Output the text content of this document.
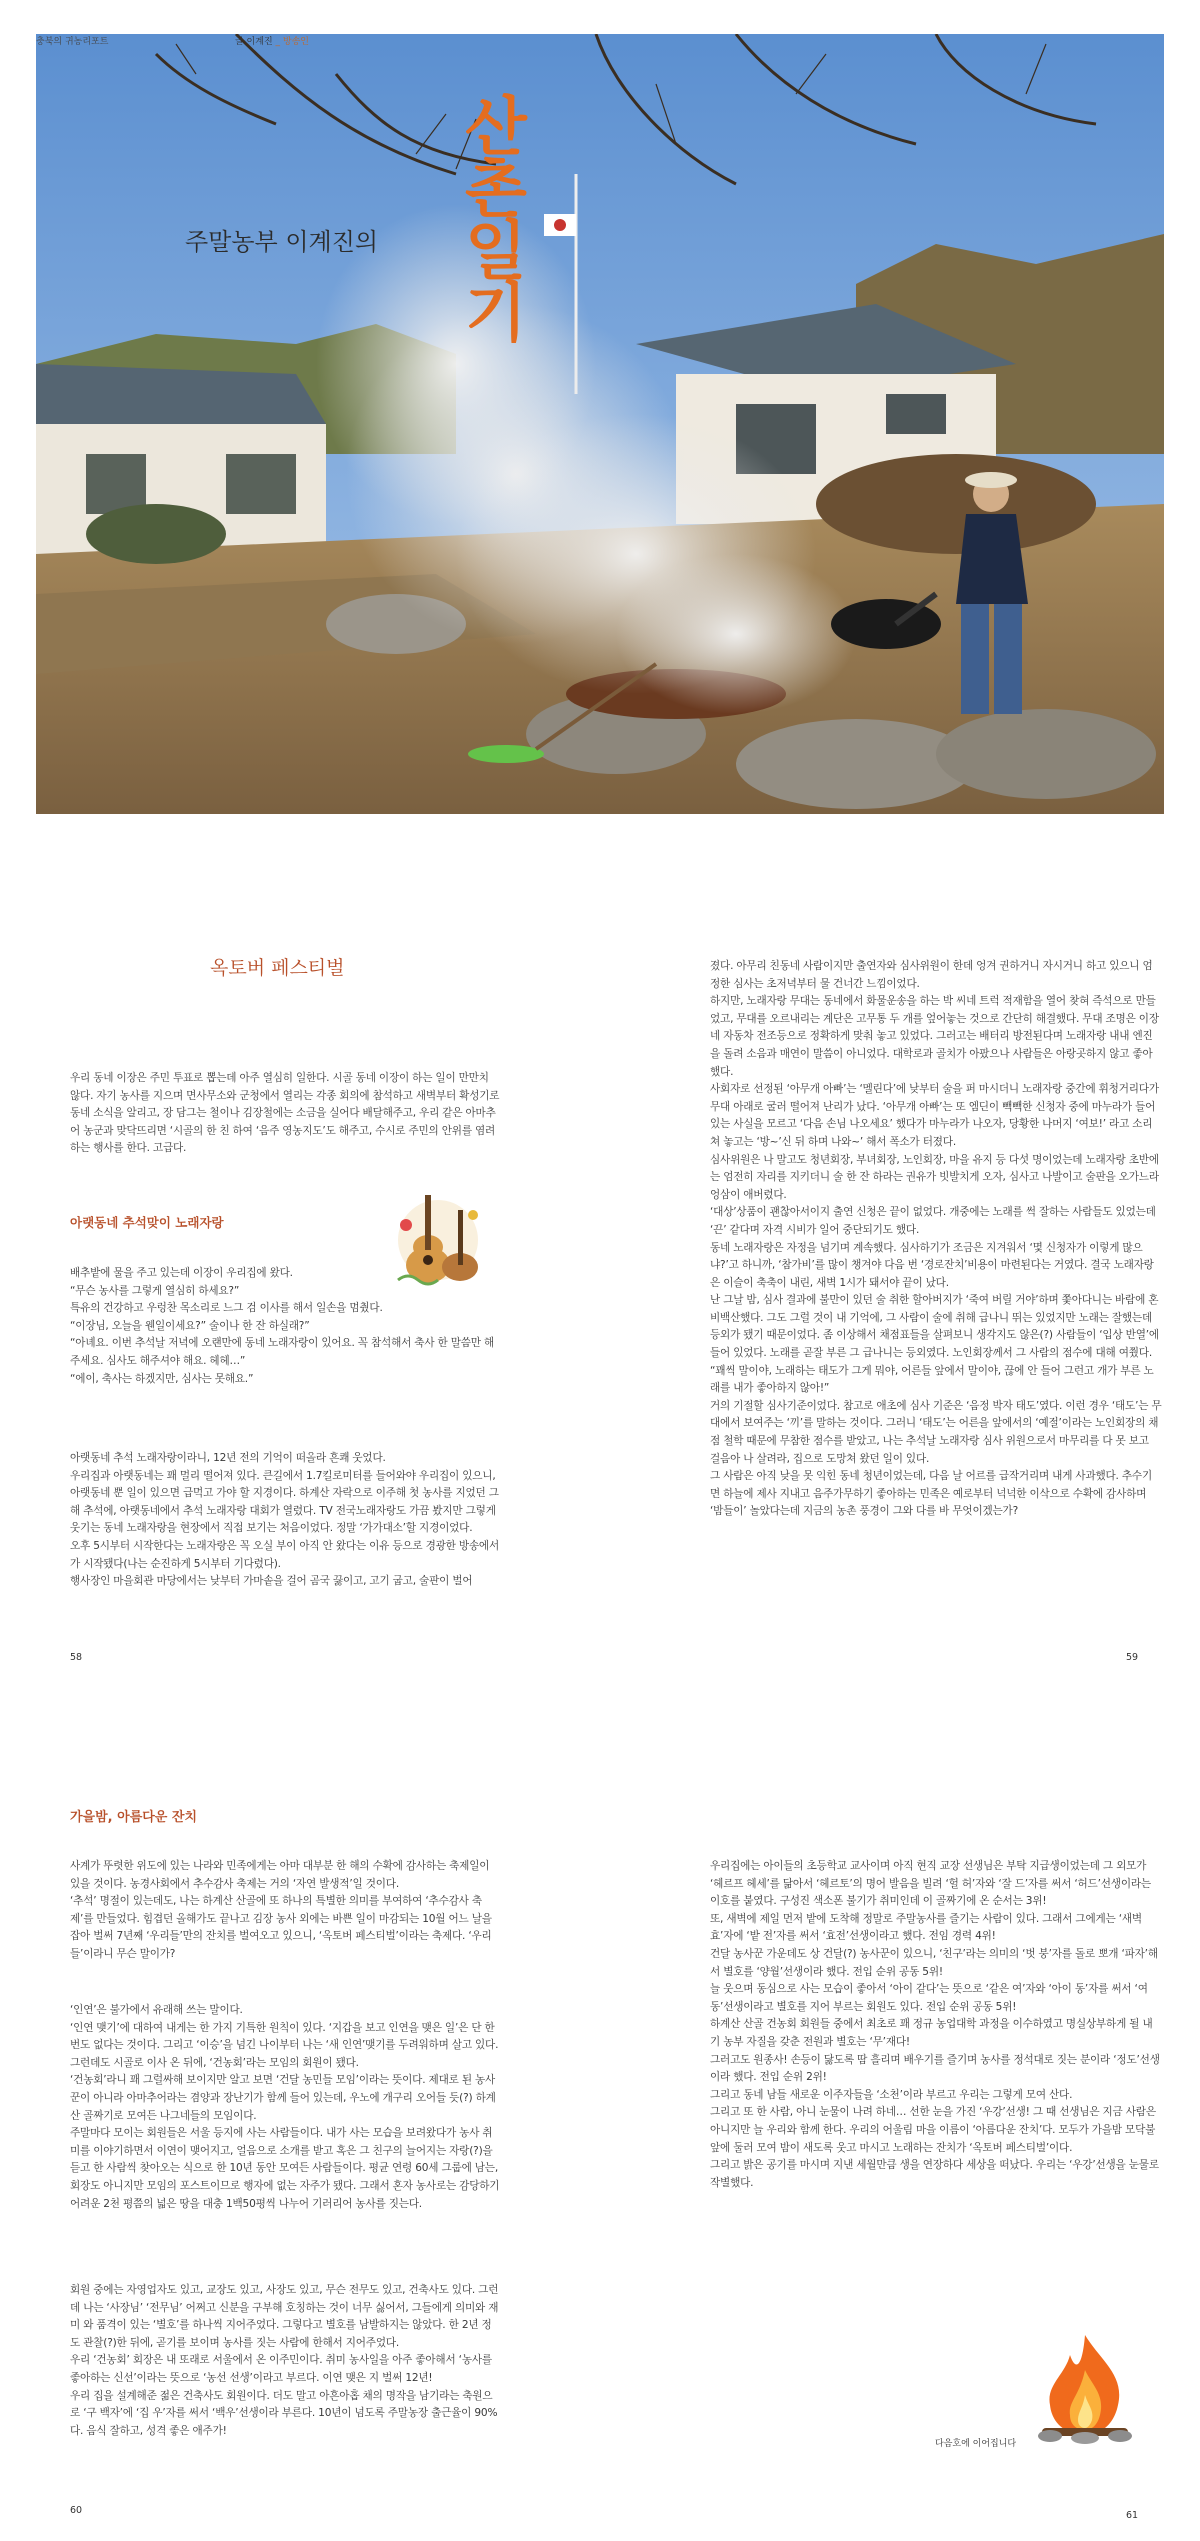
충북의 귀농리포트	글 이계진 _ 방송인
주말농부 이계진의
산촌일기
옥토버 페스티벌

우리 동네 이장은 주민 투표로 뽑는데 아주 열심히 일한다. 시골 동네 이장이 하는 일이 만만치 않다. 자기 농사를 지으며 면사무소와 군청에서 열리는 각종 회의에 참석하고 새벽부터 확성기로 동네 소식을 알리고, 장 담그는 철이나 김장철에는 소금을 실어다 배달해주고, 우리 같은 아마추어 농군과 맞닥뜨리면 ‘시골의 한 친 하여 ‘음주 영농지도’도 해주고, 수시로 주민의 안위를 염려하는 행사를 한다. 고급다.

아랫동네 추석맞이 노래자랑

배추밭에 물을 주고 있는데 이장이 우리집에 왔다.

“무슨 농사를 그렇게 열심히 하세요?”

특유의 건강하고 우렁찬 목소리로 느그 검 이사를 해서 일손을 멈췄다.

“이장님, 오늘을 웬일이세요?” 술이나 한 잔 하실래?”

“아녜요. 이번 추석날 저녁에 오랜만에 동네 노래자랑이 있어요. 꼭 참석해서 축사 한 말씀만 해주세요. 심사도 해주셔야 해요. 헤헤…”

“에이, 축사는 하겠지만, 심사는 못해요.”

아랫동네 추석 노래자랑이라니, 12년 전의 기억이 떠올라 흔쾌 웃었다.

우리집과 아랫동네는 꽤 멀리 떨어져 있다. 큰길에서 1.7킬로미터를 들어와야 우리집이 있으니, 아랫동네 뿐 일이 있으면 급먹고 가야 할 지경이다. 하계산 자락으로 이주해 첫 농사를 지었던 그해 추석에, 아랫동네에서 추석 노래자랑 대회가 열렸다. TV 전국노래자랑도 가끔 봤지만 그렇게 웃기는 동네 노래자랑을 현장에서 직접 보기는 처음이었다. 정말 ‘가가대소’할 지경이었다.

오후 5시부터 시작한다는 노래자랑은 꼭 오실 부이 아직 안 왔다는 이유 등으로 경광한 방송에서가 시작됐다(나는 순진하게 5시부터 기다렸다).

행사장인 마을회관 마당에서는 낮부터 가마솥을 걸어 곰국 끓이고, 고기 굽고, 술판이 벌어

졌다. 아무리 친동네 사람이지만 출연자와 심사위원이 한데 엉겨 권하거니 자시거니 하고 있으니 엄정한 심사는 초저녁부터 물 건너간 느낌이었다.

하지만, 노래자랑 무대는 동네에서 화물운송을 하는 박 씨네 트럭 적재함을 열어 찾혀 즉석으로 만들었고, 무대를 오르내리는 계단은 고무통 두 개를 엎어놓는 것으로 간단히 해결했다. 무대 조명은 이장네 자동차 전조등으로 정확하게 맞춰 놓고 있었다. 그러고는 배터리 방전된다며 노래자랑 내내 엔진을 돌려 소음과 매연이 말씀이 아니었다. 대학로과 골치가 아팠으나 사람들은 아랑곳하지 않고 좋아했다.

사회자로 선정된 ‘아무개 아빠’는 ‘멜린다’에 낮부터 술을 퍼 마시더니 노래자랑 중간에 휘청거리다가 무대 아래로 굴러 떨어져 난리가 났다. ‘아무개 아빠’는 또 엠딘이 빽빽한 신청자 중에 마누라가 들어 있는 사실을 모르고 ‘다음 손님 나오세요’ 했다가 마누라가 나오자, 당황한 나머지 ‘여보!’ 라고 소리쳐 놓고는 ‘방~’신 뒤 하며 나와~’ 해서 폭소가 터졌다.

심사위원은 나 말고도 청년회장, 부녀회장, 노인회장, 마을 유지 등 다섯 명이었는데 노래자랑 초반에는 엄전히 자리를 지키더니 술 한 잔 하라는 권유가 빗발치게 오자, 심사고 나발이고 술판을 오가느라 엉삼이 애버렸다.

‘대상’상품이 괜찮아서이지 출연 신청은 끝이 없었다. 개중에는 노래를 썩 잘하는 사람들도 있었는데 ‘끈’ 같다며 자격 시비가 일어 중단되기도 했다.

동네 노래자랑은 자정을 넘기며 계속했다. 심사하기가 조금은 지겨워서 ‘몇 신청자가 이렇게 많으냐?’고 하니까, ‘참가비’를 많이 챙겨야 다음 번 ‘경로잔치’비용이 마련된다는 거였다. 결국 노래자랑은 이슬이 축축이 내린, 새벽 1시가 돼서야 끝이 났다.

난 그날 밤, 심사 결과에 불만이 있던 술 취한 할아버지가 ‘죽여 버릴 거야’하며 쫓아다니는 바람에 혼비백산했다. 그도 그럴 것이 내 기억에, 그 사람이 술에 취해 급나니 뛰는 있었지만 노래는 잘했는데 등외가 됐기 때문이었다. 좀 이상해서 채점표들을 살펴보니 생각지도 않은(?) 사람들이 ‘입상 반열’에 들어 있었다. 노래를 곧잘 부른 그 급나니는 등외였다. 노인회장께서 그 사람의 점수에 대해 여쭸다.

“꽤씩 말이야, 노래하는 태도가 그게 뭐야, 어른들 앞에서 말이야, 끊에 안 들어 그런고 개가 부른 노래를 내가 좋아하지 않아!”

거의 기절할 심사기준이었다. 참고로 애초에 심사 기준은 ‘음정 박자 태도’였다. 이런 경우 ‘태도’는 무대에서 보여주는 ‘끼’를 말하는 것이다. 그러니 ‘태도’는 어른을 앞에서의 ‘예절’이라는 노인회장의 채점 철학 때문에 무참한 점수를 받았고, 나는 추석날 노래자랑 심사 위원으로서 마무리를 다 못 보고 걸음아 나 살려라, 집으로 도망쳐 왔던 일이 있다.

그 사람은 아직 낮을 못 익힌 동네 청년이었는데, 다음 날 어르를 급작거리며 내게 사과했다. 추수기면 하늘에 제사 지내고 음주가무하기 좋아하는 민족은 예로부터 넉넉한 이삭으로 수확에 감사하며 ‘밤들이’ 놀았다는데 지금의 농촌 풍경이 그와 다를 바 무엇이겠는가?

58	59
가을밤, 아름다운 잔치

사계가 뚜렷한 위도에 있는 나라와 민족에게는 아마 대부분 한 해의 수확에 감사하는 축제일이 있을 것이다. 농경사회에서 추수감사 축제는 거의 ‘자연 발생적’일 것이다.

‘추석’ 명절이 있는데도, 나는 하계산 산골에 또 하나의 특별한 의미를 부여하여 ‘추수감사 축제’를 만들었다. 힘겹던 올해가도 끝나고 김장 농사 외에는 바쁜 일이 마감되는 10월 어느 날을 잡아 벌써 7년째 ‘우리들’만의 잔치를 벌여오고 있으니, ‘옥토버 페스티벌’이라는 축제다. ‘우리들’이라니 무슨 말이가?

‘인연’은 불가에서 유래해 쓰는 말이다.

‘인연 맺기’에 대하여 내게는 한 가지 기특한 원칙이 있다. ‘지갑을 보고 인연을 맺은 일’은 단 한 번도 없다는 것이다. 그리고 ‘이승’을 넘긴 나이부터 나는 ‘새 인연’맺기를 두려워하며 살고 있다. 그런데도 시골로 이사 온 뒤에, ‘건농회’라는 모임의 회원이 됐다.

‘건농회’라니 꽤 그럴싸해 보이지만 알고 보면 ‘건달 농민들 모임’이라는 뜻이다. 제대로 된 농사꾼이 아니라 아마추어라는 겸양과 장난기가 함께 들어 있는데, 우노에 개구리 오어들 듯(?) 하계산 골짜기로 모여든 나그네들의 모임이다.

주말마다 모이는 회원들은 서울 등지에 사는 사람들이다. 내가 사는 모습을 보려왔다가 농사 취미를 이야기하면서 이연이 맺어지고, 얼음으로 소개를 받고 혹은 그 친구의 늘어지는 자랑(?)을 듣고 한 사람씩 찾아오는 식으로 한 10년 동안 모여든 사람들이다. 평균 연령 60세 그룹에 남는, 회장도 아니지만 모임의 포스트이므로 행자에 없는 자주가 됐다. 그래서 혼자 농사로는 감당하기 어려운 2천 평쯤의 넓은 땅을 대충 1백50평씩 나누어 기러리어 농사를 짓는다.

회원 중에는 자영업자도 있고, 교장도 있고, 사장도 있고, 무슨 전무도 있고, 건축사도 있다. 그런데 나는 ‘사장님’ ‘전무님’ 어쩌고 신분을 구부해 호칭하는 것이 너무 싫어서, 그들에게 의미와 재미 와 품격이 있는 ‘별호’를 하나씩 지어주었다. 그렇다고 별호를 남발하지는 않았다. 한 2년 정도 관찰(?)한 뒤에, 곧기를 보이며 농사를 짓는 사람에 한해서 지어주었다.

우리 ‘건농회’ 회장은 내 또래로 서울에서 온 이주민이다. 취미 농사일을 아주 좋아해서 ‘농사를 좋아하는 신선’이라는 뜻으로 ‘농선 선생’이라고 부르다. 이연 맺은 지 벌써 12년!

우리 집을 설계해준 젊은 건축사도 회원이다. 더도 말고 아흔아홉 채의 명작을 남기라는 축원으로 ‘구 백자’에 ‘집 우’자를 써서 ‘백우’선생이라 부른다. 10년이 넘도록 주말농장 출근율이 90%다. 음식 잘하고, 성격 좋은 애주가!

우리집에는 아이들의 초등학교 교사이며 아직 현직 교장 선생님은 부탁 지급생이었는데 그 외모가 ‘헤르프 헤세’를 닮아서 ‘헤르토’의 명어 발음을 빌려 ‘헐 허’자와 ‘잘 드’자를 써서 ‘허드’선생이라는 이호를 붙였다. 구성진 색소폰 불기가 취미인데 이 골짜기에 온 순서는 3위!

또, 새벽에 제일 먼저 밭에 도착해 정말로 주말농사를 즐기는 사람이 있다. 그래서 그에게는 ‘새벽 효’자에 ‘밭 전’자를 써서 ‘효전’선생이라고 했다. 전임 경력 4위!

건달 농사꾼 가운데도 상 건달(?) 농사꾼이 있으니, ‘친구’라는 의미의 ‘벗 붕’자를 돌로 뽀개 ‘파자’해서 별호를 ‘양월’선생이라 했다. 전입 순위 공동 5위!

늘 웃으며 동심으로 사는 모습이 좋아서 ‘아이 같다’는 뜻으로 ‘같은 여’자와 ‘아이 동’자를 써서 ‘여동’선생이라고 별호를 지어 부르는 회원도 있다. 전입 순위 공동 5위!

하계산 산골 건농회 회원들 중에서 최초로 꽤 정규 농업대학 과정을 이수하였고 명실상부하게 될 내기 농부 자질을 갖춘 전원과 별호는 ‘무’재다!

그러고도 원종사! 손등이 닳도록 땀 흘리며 배우기를 즐기며 농사를 정석대로 짓는 분이라 ‘정도’선생이라 했다. 전입 순위 2위!

그리고 동네 남들 새로운 이주자들을 ‘소천’이라 부르고 우리는 그렇게 모여 산다.

그리고 또 한 사람, 아니 눈물이 나려 하네… 선한 눈을 가진 ‘우강’선생! 그 때 선생님은 지금 사람은 아니지만 늘 우리와 함께 한다. 우리의 어울림 마을 이름이 ‘아름다운 잔치’다. 모두가 가을밤 모닥불 앞에 둘러 모여 밤이 새도록 웃고 마시고 노래하는 잔치가 ‘옥토버 페스티벌’이다.

그리고 밝은 공기를 마시며 지낸 세월만큼 생을 연장하다 세상을 떠났다. 우리는 ‘우강’선생을 눈물로 작별했다.

다음호에 이어집니다
60	61
